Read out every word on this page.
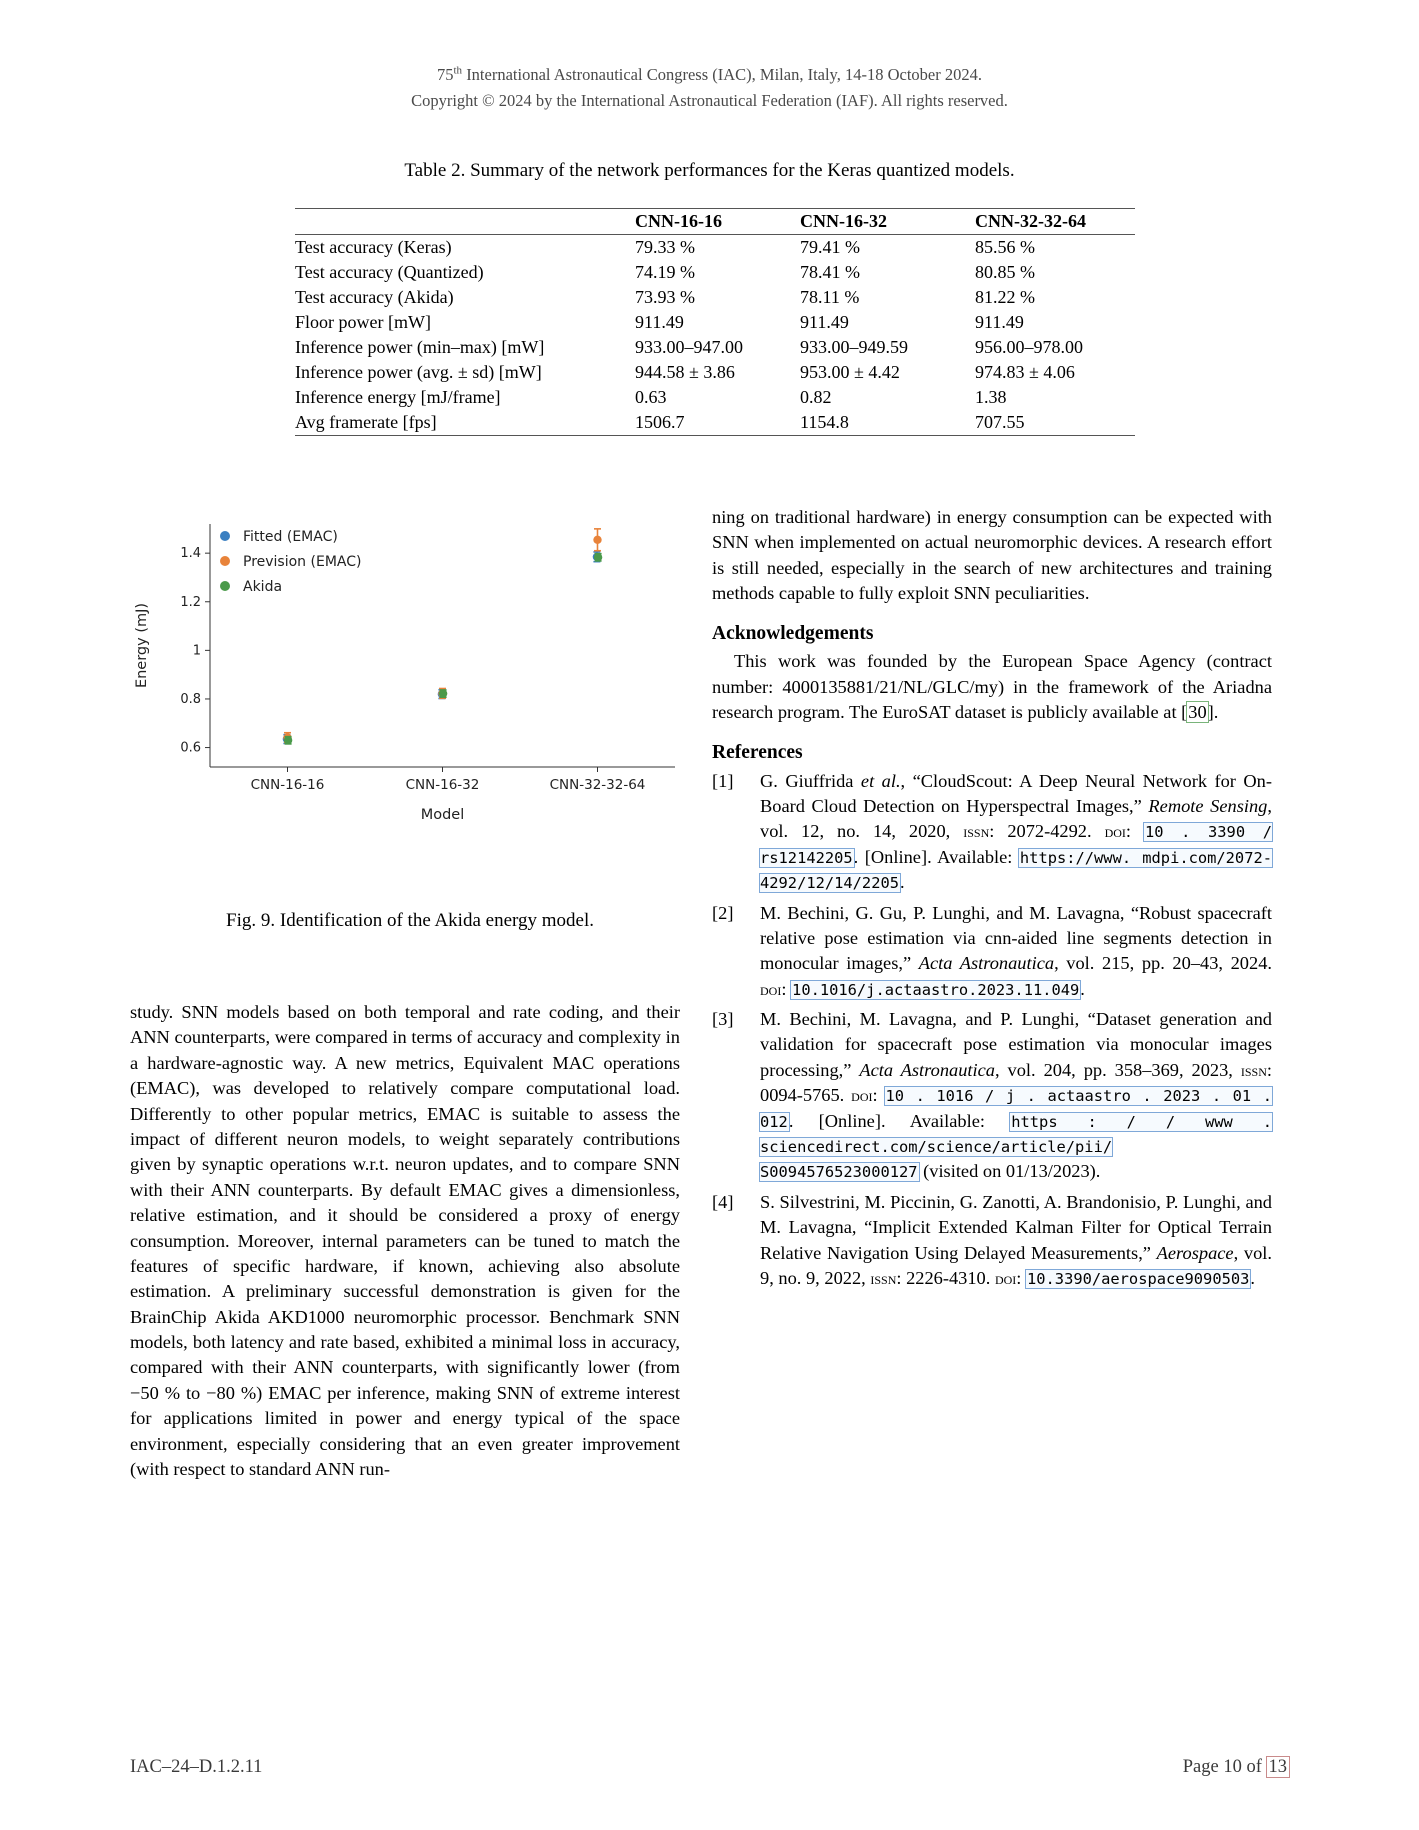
75th International Astronautical Congress (IAC), Milan, Italy, 14-18 October 2024.
Copyright © 2024 by the International Astronautical Federation (IAF). All rights reserved.
Table 2. Summary of the network performances for the Keras quantized models.
	CNN-16-16	CNN-16-32	CNN-32-32-64
Test accuracy (Keras)	79.33 %	79.41 %	85.56 %
Test accuracy (Quantized)	74.19 %	78.41 %	80.85 %
Test accuracy (Akida)	73.93 %	78.11 %	81.22 %
Floor power [mW]	911.49	911.49	911.49
Inference power (min–max) [mW]	933.00–947.00	933.00–949.59	956.00–978.00
Inference power (avg. ± sd) [mW]	944.58 ± 3.86	953.00 ± 4.42	974.83 ± 4.06
Inference energy [mJ/frame]	0.63	0.82	1.38
Avg framerate [fps]	1506.7	1154.8	707.55
0.6
0.8
1
1.2
1.4
CNN-16-16	CNN-16-32	CNN-32-32-64
Model
Energy (mJ)
Fitted (EMAC)
Prevision (EMAC)
Akida
Fig. 9. Identification of the Akida energy model.
study. SNN models based on both temporal and rate coding, and their ANN counterparts, were compared in terms of accuracy and complexity in a hardware-agnostic way. A new metrics, Equivalent MAC operations (EMAC), was developed to relatively compare computational load. Differently to other popular metrics, EMAC is suitable to assess the impact of different neuron models, to weight separately contributions given by synaptic operations w.r.t. neuron updates, and to compare SNN with their ANN counterparts. By default EMAC gives a dimensionless, relative estimation, and it should be considered a proxy of energy consumption. Moreover, internal parameters can be tuned to match the features of specific hardware, if known, achieving also absolute estimation. A preliminary successful demonstration is given for the BrainChip Akida AKD1000 neuromorphic processor. Benchmark SNN models, both latency and rate based, exhibited a minimal loss in accuracy, compared with their ANN counterparts, with significantly lower (from −50 % to −80 %) EMAC per inference, making SNN of extreme interest for applications limited in power and energy typical of the space environment, especially considering that an even greater improvement (with respect to standard ANN run-

ning on traditional hardware) in energy consumption can be expected with SNN when implemented on actual neuromorphic devices. A research effort is still needed, especially in the search of new architectures and training methods capable to fully exploit SNN peculiarities.

Acknowledgements

This work was founded by the European Space Agency (contract number: 4000135881/21/NL/GLC/my) in the framework of the Ariadna research program. The EuroSAT dataset is publicly available at [30].

References
[1]	G. Giuffrida et al., “CloudScout: A Deep Neural Network for On-Board Cloud Detection on Hyperspectral Images,” Remote Sensing, vol. 12, no. 14, 2020, issn: 2072-4292. doi: 10 . 3390 / rs12142205. [Online]. Available: https://www. mdpi.com/2072-4292/12/14/2205.
[2]	M. Bechini, G. Gu, P. Lunghi, and M. Lavagna, “Robust spacecraft relative pose estimation via cnn-aided line segments detection in monocular images,” Acta Astronautica, vol. 215, pp. 20–43, 2024. doi: 10.1016/j.actaastro.2023.11.049.
[3]	M. Bechini, M. Lavagna, and P. Lunghi, “Dataset generation and validation for spacecraft pose estimation via monocular images processing,” Acta Astronautica, vol. 204, pp. 358–369, 2023, issn: 0094-5765. doi: 10 . 1016 / j . actaastro . 2023 . 01 . 012. [Online]. Available: https : / / www . sciencedirect.com/science/article/pii/ S0094576523000127 (visited on 01/13/2023).
[4]	S. Silvestrini, M. Piccinin, G. Zanotti, A. Brandonisio, P. Lunghi, and M. Lavagna, “Implicit Extended Kalman Filter for Optical Terrain Relative Navigation Using Delayed Measurements,” Aerospace, vol. 9, no. 9, 2022, issn: 2226-4310. doi: 10.3390/aerospace9090503.
IAC–24–D.1.2.11	Page 10 of 13
